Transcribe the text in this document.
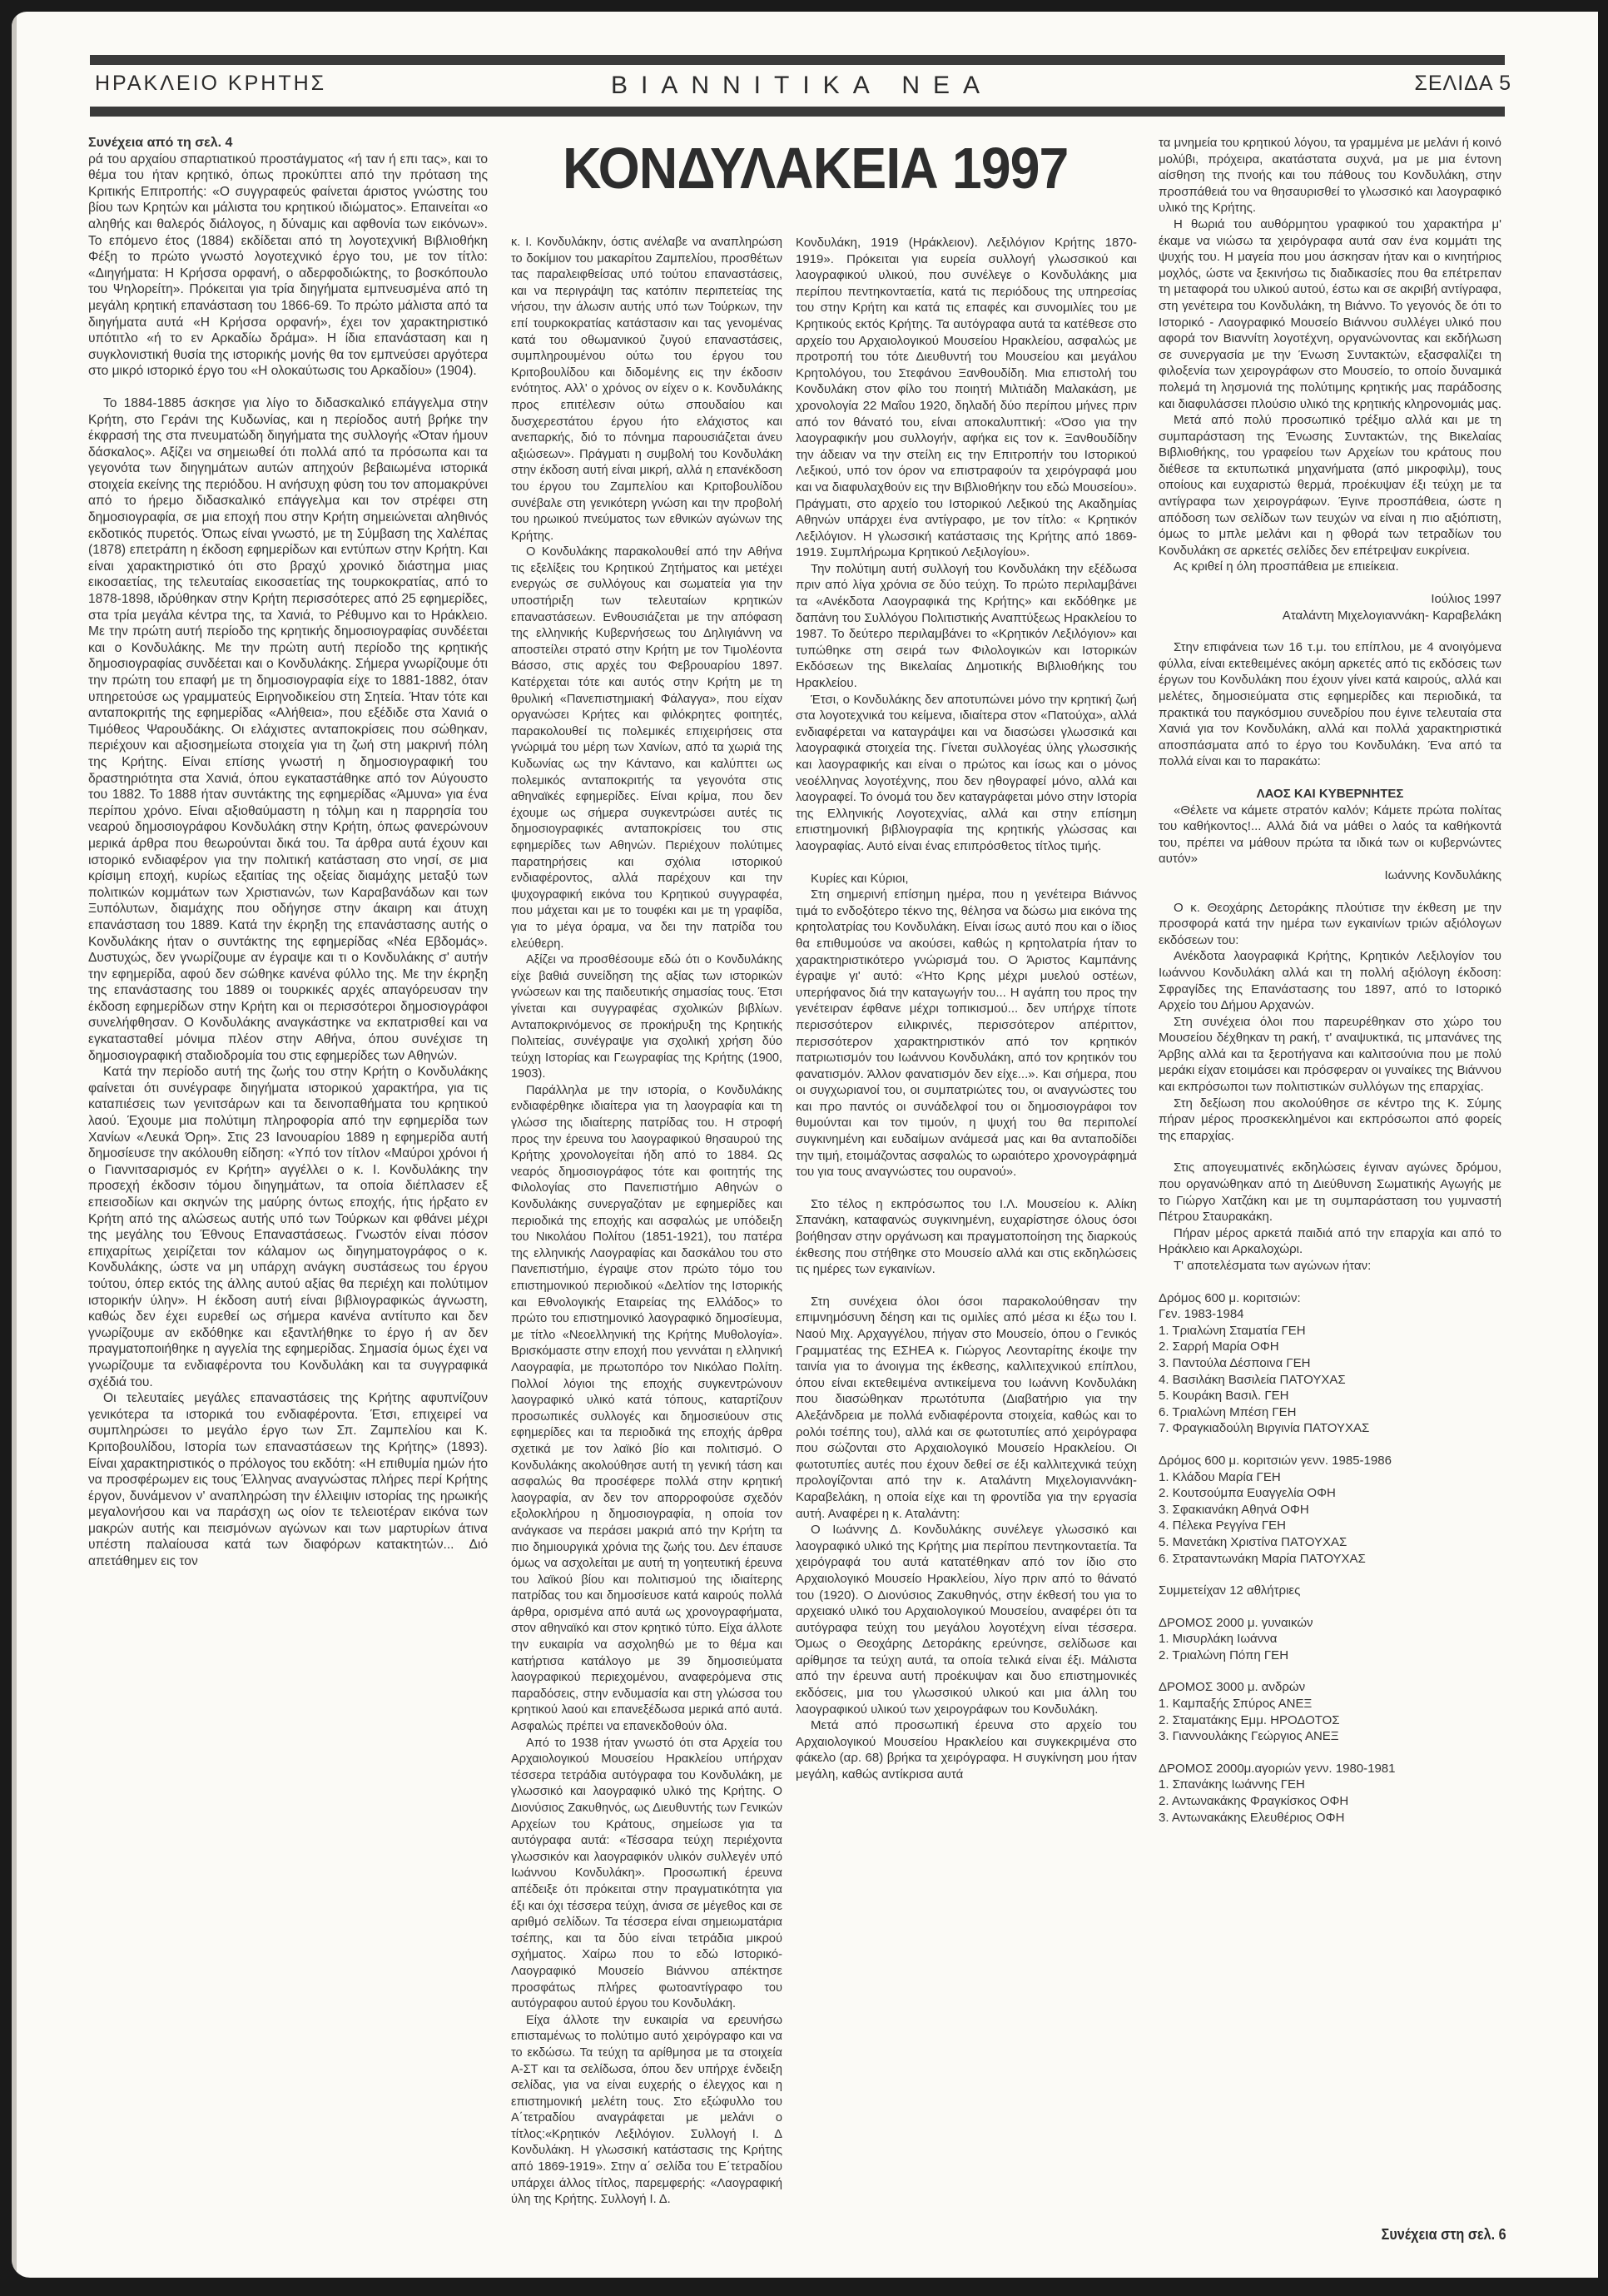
ΗΡΑΚΛΕΙΟ ΚΡΗΤΗΣ	ΒΙΑΝΝΙΤΙΚΑ ΝΕΑ	ΣΕΛΙΔΑ 5
ΚΟΝΔΥΛΑΚΕΙΑ 1997

Συνέχεια από τη σελ. 4

ρά του αρχαίου σπαρτιατικού προστάγματος «ή ταν ή επι τας», και το θέμα του ήταν κρητικό, όπως προκύπτει από την πρόταση της Κριτικής Επιτροπής: «Ο συγγραφεύς φαίνεται άριστος γνώστης του βίου των Κρητών και μάλιστα του κρητικού ιδιώματος». Επαινείται «ο αληθής και θαλερός διάλογος, η δύναμις και αφθονία των εικόνων». Το επόμενο έτος (1884) εκδίδεται από τη λογοτεχνική Βιβλιοθήκη Φέξη το πρώτο γνωστό λογοτεχνικό έργο του, με τον τίτλο: «Διηγήματα: Η Κρήσσα ορφανή, ο αδερφοδιώκτης, το βοσκόπουλο του Ψηλορείτη». Πρόκειται για τρία διηγήματα εμπνευσμένα από τη μεγάλη κρητική επανάσταση του 1866-69. Το πρώτο μάλιστα από τα διηγήματα αυτά «Η Κρήσσα ορφανή», έχει τον χαρακτηριστικό υπότιτλο «ή το εν Αρκαδίω δράμα». Η ίδια επανάσταση και η συγκλονιστική θυσία της ιστορικής μονής θα τον εμπνεύσει αργότερα στο μικρό ιστορικό έργο του «Η ολοκαύτωσις του Αρκαδίου» (1904).

Το 1884-1885 άσκησε για λίγο το διδασκαλικό επάγγελμα στην Κρήτη, στο Γεράνι της Κυδωνίας, και η περίοδος αυτή βρήκε την έκφρασή της στα πνευματώδη διηγήματα της συλλογής «Όταν ήμουν δάσκαλος». Αξίζει να σημειωθεί ότι πολλά από τα πρόσωπα και τα γεγονότα των διηγημάτων αυτών απηχούν βεβαιωμένα ιστορικά στοιχεία εκείνης της περιόδου. Η ανήσυχη φύση του τον απομακρύνει από το ήρεμο διδασκαλικό επάγγελμα και τον στρέφει στη δημοσιογραφία, σε μια εποχή που στην Κρήτη σημειώνεται αληθινός εκδοτικός πυρετός. Όπως είναι γνωστό, με τη Σύμβαση της Χαλέπας (1878) επετράπη η έκδοση εφημερίδων και εντύπων στην Κρήτη. Και είναι χαρακτηριστικό ότι στο βραχύ χρονικό διάστημα μιας εικοσαετίας, της τελευταίας εικοσαετίας της τουρκοκρατίας, από το 1878-1898, ιδρύθηκαν στην Κρήτη περισσότερες από 25 εφημερίδες, στα τρία μεγάλα κέντρα της, τα Χανιά, το Ρέθυμνο και το Ηράκλειο. Με την πρώτη αυτή περίοδο της κρητικής δημοσιογραφίας συνδέεται και ο Κονδυλάκης. Με την πρώτη αυτή περίοδο της κρητικής δημοσιογραφίας συνδέεται και ο Κονδυλάκης. Σήμερα γνωρίζουμε ότι την πρώτη του επαφή με τη δημοσιογραφία είχε το 1881-1882, όταν υπηρετούσε ως γραμματεύς Ειρηνοδικείου στη Σητεία. Ήταν τότε και ανταποκριτής της εφημερίδας «Αλήθεια», που εξέδιδε στα Χανιά ο Τιμόθεος Ψαρουδάκης. Οι ελάχιστες ανταποκρίσεις που σώθηκαν, περιέχουν και αξιοσημείωτα στοιχεία για τη ζωή στη μακρινή πόλη της Κρήτης. Είναι επίσης γνωστή η δημοσιογραφική του δραστηριότητα στα Χανιά, όπου εγκαταστάθηκε από τον Αύγουστο του 1882. Το 1888 ήταν συντάκτης της εφημερίδας «Άμυνα» για ένα περίπου χρόνο. Είναι αξιοθαύμαστη η τόλμη και η παρρησία του νεαρού δημοσιογράφου Κονδυλάκη στην Κρήτη, όπως φανερώνουν μερικά άρθρα που θεωρούνται δικά του. Τα άρθρα αυτά έχουν και ιστορικό ενδιαφέρον για την πολιτική κατάσταση στο νησί, σε μια κρίσιμη εποχή, κυρίως εξαιτίας της οξείας διαμάχης μεταξύ των πολιτικών κομμάτων των Χριστιανών, των Καραβανάδων και των Ξυπόλυτων, διαμάχης που οδήγησε στην άκαιρη και άτυχη επανάσταση του 1889. Κατά την έκρηξη της επανάστασης αυτής ο Κονδυλάκης ήταν ο συντάκτης της εφημερίδας «Νέα Εβδομάς». Δυστυχώς, δεν γνωρίζουμε αν έγραψε και τι ο Κονδυλάκης σ' αυτήν την εφημερίδα, αφού δεν σώθηκε κανένα φύλλο της. Με την έκρηξη της επανάστασης του 1889 οι τουρκικές αρχές απαγόρευσαν την έκδοση εφημερίδων στην Κρήτη και οι περισσότεροι δημοσιογράφοι συνελήφθησαν. Ο Κονδυλάκης αναγκάστηκε να εκπατρισθεί και να εγκατασταθεί μόνιμα πλέον στην Αθήνα, όπου συνέχισε τη δημοσιογραφική σταδιοδρομία του στις εφημερίδες των Αθηνών.

Κατά την περίοδο αυτή της ζωής του στην Κρήτη ο Κονδυλάκης φαίνεται ότι συνέγραφε διηγήματα ιστορικού χαρακτήρα, για τις καταπιέσεις των γενιτσάρων και τα δεινοπαθήματα του κρητικού λαού. Έχουμε μια πολύτιμη πληροφορία από την εφημερίδα των Χανίων «Λευκά Όρη». Στις 23 Ιανουαρίου 1889 η εφημερίδα αυτή δημοσίευσε την ακόλουθη είδηση: «Υπό τον τίτλον «Μαύροι χρόνοι ή ο Γιαννιτσαρισμός εν Κρήτη» αγγέλλει ο κ. Ι. Κονδυλάκης την προσεχή έκδοσιν τόμου διηγημάτων, τα οποία διέπλασεν εξ επεισοδίων και σκηνών της μαύρης όντως εποχής, ήτις ήρξατο εν Κρήτη από της αλώσεως αυτής υπό των Τούρκων και φθάνει μέχρι της μεγάλης του Έθνους Επαναστάσεως. Γνωστόν είναι πόσον επιχαρίτως χειρίζεται τον κάλαμον ως διηγηματογράφος ο κ. Κονδυλάκης, ώστε να μη υπάρχη ανάγκη συστάσεως του έργου τούτου, όπερ εκτός της άλλης αυτού αξίας θα περιέχη και πολύτιμον ιστορικήν ύλην». Η έκδοση αυτή είναι βιβλιογραφικώς άγνωστη, καθώς δεν έχει ευρεθεί ως σήμερα κανένα αντίτυπο και δεν γνωρίζουμε αν εκδόθηκε και εξαντλήθηκε το έργο ή αν δεν πραγματοποιήθηκε η αγγελία της εφημερίδας. Σημασία όμως έχει να γνωρίζουμε τα ενδιαφέροντα του Κονδυλάκη και τα συγγραφικά σχέδιά του.

Οι τελευταίες μεγάλες επαναστάσεις της Κρήτης αφυπνίζουν γενικότερα τα ιστορικά του ενδιαφέροντα. Έτσι, επιχειρεί να συμπληρώσει το μεγάλο έργο των Σπ. Ζαμπελίου και Κ. Κριτοβουλίδου, Ιστορία των επαναστάσεων της Κρήτης» (1893). Είναι χαρακτηριστικός ο πρόλογος του εκδότη: «Η επιθυμία ημών ήτο να προσφέρωμεν εις τους Έλληνας αναγνώστας πλήρες περί Κρήτης έργον, δυνάμενον ν' αναπληρώση την έλλειψιν ιστορίας της ηρωικής μεγαλονήσου και να παράσχη ως οίον τε τελειοτέραν εικόνα των μακρών αυτής και πεισμόνων αγώνων και των μαρτυρίων άτινα υπέστη παλαίουσα κατά των διαφόρων κατακτητών... Διό απετάθημεν εις τον

κ. Ι. Κονδυλάκην, όστις ανέλαβε να αναπληρώση το δοκίμιον του μακαρίτου Ζαμπελίου, προσθέτων τας παραλειφθείσας υπό τούτου επαναστάσεις, και να περιγράψη τας κατόπιν περιπετείας της νήσου, την άλωσιν αυτής υπό των Τούρκων, την επί τουρκοκρατίας κατάστασιν και τας γενομένας κατά του οθωμανικού ζυγού επαναστάσεις, συμπληρουμένου ούτω του έργου του Κριτοβουλίδου και διδομένης εις την έκδοσιν ενότητος. Αλλ' ο χρόνος ον είχεν ο κ. Κονδυλάκης προς επιτέλεσιν ούτω σπουδαίου και δυσχερεστάτου έργου ήτο ελάχιστος και ανεπαρκής, διό το πόνημα παρουσιάζεται άνευ αξιώσεων». Πράγματι η συμβολή του Κονδυλάκη στην έκδοση αυτή είναι μικρή, αλλά η επανέκδοση του έργου του Ζαμπελίου και Κριτοβουλίδου συνέβαλε στη γενικότερη γνώση και την προβολή του ηρωικού πνεύματος των εθνικών αγώνων της Κρήτης.

Ο Κονδυλάκης παρακολουθεί από την Αθήνα τις εξελίξεις του Κρητικού Ζητήματος και μετέχει ενεργώς σε συλλόγους και σωματεία για την υποστήριξη των τελευταίων κρητικών επαναστάσεων. Ενθουσιάζεται με την απόφαση της ελληνικής Κυβερνήσεως του Δηλιγιάννη να αποστείλει στρατό στην Κρήτη με τον Τιμολέοντα Βάσσο, στις αρχές του Φεβρουαρίου 1897. Κατέρχεται τότε και αυτός στην Κρήτη με τη θρυλική «Πανεπιστημιακή Φάλαγγα», που είχαν οργανώσει Κρήτες και φιλόκρητες φοιτητές, παρακολουθεί τις πολεμικές επιχειρήσεις στα γνώριμά του μέρη των Χανίων, από τα χωριά της Κυδωνίας ως την Κάντανο, και καλύπτει ως πολεμικός ανταποκριτής τα γεγονότα στις αθηναϊκές εφημερίδες. Είναι κρίμα, που δεν έχουμε ως σήμερα συγκεντρώσει αυτές τις δημοσιογραφικές ανταποκρίσεις του στις εφημερίδες των Αθηνών. Περιέχουν πολύτιμες παρατηρήσεις και σχόλια ιστορικού ενδιαφέροντος, αλλά παρέχουν και την ψυχογραφική εικόνα του Κρητικού συγγραφέα, που μάχεται και με το τουφέκι και με τη γραφίδα, για το μέγα όραμα, να δει την πατρίδα του ελεύθερη.

Αξίζει να προσθέσουμε εδώ ότι ο Κονδυλάκης είχε βαθιά συνείδηση της αξίας των ιστορικών γνώσεων και της παιδευτικής σημασίας τους. Έτσι γίνεται και συγγραφέας σχολικών βιβλίων. Ανταποκρινόμενος σε προκήρυξη της Κρητικής Πολιτείας, συνέγραψε για σχολική χρήση δύο τεύχη Ιστορίας και Γεωγραφίας της Κρήτης (1900, 1903).

Παράλληλα με την ιστορία, ο Κονδυλάκης ενδιαφέρθηκε ιδιαίτερα για τη λαογραφία και τη γλώσσ της ιδιαίτερης πατρίδας του. Η στροφή προς την έρευνα του λαογραφικού θησαυρού της Κρήτης χρονολογείται ήδη από το 1884. Ως νεαρός δημοσιογράφος τότε και φοιτητής της Φιλολογίας στο Πανεπιστήμιο Αθηνών ο Κονδυλάκης συνεργαζόταν με εφημερίδες και περιοδικά της εποχής και ασφαλώς με υπόδειξη του Νικολάου Πολίτου (1851-1921), του πατέρα της ελληνικής Λαογραφίας και δασκάλου του στο Πανεπιστήμιο, έγραψε στον πρώτο τόμο του επιστημονικού περιοδικού «Δελτίον της Ιστορικής και Εθνολογικής Εταιρείας της Ελλάδος» το πρώτο του επιστημονικό λαογραφικό δημοσίευμα, με τίτλο «Νεοελληνική της Κρήτης Μυθολογία». Βρισκόμαστε στην εποχή που γεννάται η ελληνική Λαογραφία, με πρωτοπόρο τον Νικόλαο Πολίτη. Πολλοί λόγιοι της εποχής συγκεντρώνουν λαογραφικό υλικό κατά τόπους, καταρτίζουν προσωπικές συλλογές και δημοσιεύουν στις εφημερίδες και τα περιοδικά της εποχής άρθρα σχετικά με τον λαϊκό βίο και πολιτισμό. Ο Κονδυλάκης ακολούθησε αυτή τη γενική τάση και ασφαλώς θα προσέφερε πολλά στην κρητική λαογραφία, αν δεν τον απορροφούσε σχεδόν εξολοκλήρου η δημοσιογραφία, η οποία τον ανάγκασε να περάσει μακριά από την Κρήτη τα πιο δημιουργικά χρόνια της ζωής του. Δεν έπαυσε όμως να ασχολείται με αυτή τη γοητευτική έρευνα του λαϊκού βίου και πολιτισμού της ιδιαίτερης πατρίδας του και δημοσίευσε κατά καιρούς πολλά άρθρα, ορισμένα από αυτά ως χρονογραφήματα, στον αθηναϊκό και στον κρητικό τύπο. Είχα άλλοτε την ευκαιρία να ασχοληθώ με το θέμα και κατήρτισα κατάλογο με 39 δημοσιεύματα λαογραφικού περιεχομένου, αναφερόμενα στις παραδόσεις, στην ενδυμασία και στη γλώσσα του κρητικού λαού και επανεξέδωσα μερικά από αυτά. Ασφαλώς πρέπει να επανεκδοθούν όλα.

Από το 1938 ήταν γνωστό ότι στα Αρχεία του Αρχαιολογικού Μουσείου Ηρακλείου υπήρχαν τέσσερα τετράδια αυτόγραφα του Κονδυλάκη, με γλωσσικό και λαογραφικό υλικό της Κρήτης. Ο Διονύσιος Ζακυθηνός, ως Διευθυντής των Γενικών Αρχείων του Κράτους, σημείωσε για τα αυτόγραφα αυτά: «Τέσσαρα τεύχη περιέχοντα γλωσσικόν και λαογραφικόν υλικόν συλλεγέν υπό Ιωάννου Κονδυλάκη». Προσωπική έρευνα απέδειξε ότι πρόκειται στην πραγματικότητα για έξι και όχι τέσσερα τεύχη, άνισα σε μέγεθος και σε αριθμό σελίδων. Τα τέσσερα είναι σημειωματάρια τσέπης, και τα δύο είναι τετράδια μικρού σχήματος. Χαίρω που το εδώ Ιστορικό- Λαογραφικό Μουσείο Βιάννου απέκτησε προσφάτως πλήρες φωτοαντίγραφο του αυτόγραφου αυτού έργου του Κονδυλάκη.

Είχα άλλοτε την ευκαιρία να ερευνήσω επισταμένως το πολύτιμο αυτό χειρόγραφο και να το εκδώσω. Τα τεύχη τα αρίθμησα με τα στοιχεία Α-ΣΤ και τα σελίδωσα, όπου δεν υπήρχε ένδειξη σελίδας, για να είναι ευχερής ο έλεγχος και η επιστημονική μελέτη τους. Στο εξώφυλλο του Α΄τετραδίου αναγράφεται με μελάνι ο τίτλος:«Κρητικόν Λεξιλόγιον. Συλλογή Ι. Δ Κονδυλάκη. Η γλωσσική κατάστασις της Κρήτης από 1869-1919». Στην α΄ σελίδα του Ε΄τετραδίου υπάρχει άλλος τίτλος, παρεμφερής: «Λαογραφική ύλη της Κρήτης. Συλλογή Ι. Δ.

Κονδυλάκη, 1919 (Ηράκλειον). Λεξιλόγιον Κρήτης 1870-1919». Πρόκειται για ευρεία συλλογή γλωσσικού και λαογραφικού υλικού, που συνέλεγε ο Κονδυλάκης μια περίπου πεντηκονταετία, κατά τις περιόδους της υπηρεσίας του στην Κρήτη και κατά τις επαφές και συνομιλίες του με Κρητικούς εκτός Κρήτης. Τα αυτόγραφα αυτά τα κατέθεσε στο αρχείο του Αρχαιολογικού Μουσείου Ηρακλείου, ασφαλώς με προτροπή του τότε Διευθυντή του Μουσείου και μεγάλου Κρητολόγου, του Στεφάνου Ξανθουδίδη. Μια επιστολή του Κονδυλάκη στον φίλο του ποιητή Μιλτιάδη Μαλακάση, με χρονολογία 22 Μαΐου 1920, δηλαδή δύο περίπου μήνες πριν από τον θάνατό του, είναι αποκαλυπτική: «Όσο για την λαογραφικήν μου συλλογήν, αφήκα εις τον κ. Ξανθουδίδην την άδειαν να την στείλη εις την Επιτροπήν του Ιστορικού Λεξικού, υπό τον όρον να επιστραφούν τα χειρόγραφά μου και να διαφυλαχθούν εις την Βιβλιοθήκην του εδώ Μουσείου». Πράγματι, στο αρχείο του Ιστορικού Λεξικού της Ακαδημίας Αθηνών υπάρχει ένα αντίγραφο, με τον τίτλο: « Κρητικόν Λεξιλόγιον. Η γλωσσική κατάστασις της Κρήτης από 1869-1919. Συμπλήρωμα Κρητικού Λεξιλογίου».

Την πολύτιμη αυτή συλλογή του Κονδυλάκη την εξέδωσα πριν από λίγα χρόνια σε δύο τεύχη. Το πρώτο περιλαμβάνει τα «Ανέκδοτα Λαογραφικά της Κρήτης» και εκδόθηκε με δαπάνη του Συλλόγου Πολιτιστικής Αναπτύξεως Ηρακλείου το 1987. Το δεύτερο περιλαμβάνει το «Κρητικόν Λεξιλόγιον» και τυπώθηκε στη σειρά των Φιλολογικών και Ιστορικών Εκδόσεων της Βικελαίας Δημοτικής Βιβλιοθήκης του Ηρακλείου.

Έτσι, ο Κονδυλάκης δεν αποτυπώνει μόνο την κρητική ζωή στα λογοτεχνικά του κείμενα, ιδιαίτερα στον «Πατούχα», αλλά ενδιαφέρεται να καταγράψει και να διασώσει γλωσσικά και λαογραφικά στοιχεία της. Γίνεται συλλογέας ύλης γλωσσικής και λαογραφικής και είναι ο πρώτος και ίσως και ο μόνος νεοέλληνας λογοτέχνης, που δεν ηθογραφεί μόνο, αλλά και λαογραφεί. Το όνομά του δεν καταγράφεται μόνο στην Ιστορία της Ελληνικής Λογοτεχνίας, αλλά και στην επίσημη επιστημονική βιβλιογραφία της κρητικής γλώσσας και λαογραφίας. Αυτό είναι ένας επιπρόσθετος τίτλος τιμής.

Κυρίες και Κύριοι,

Στη σημερινή επίσημη ημέρα, που η γενέτειρα Βιάννος τιμά το ενδοξότερο τέκνο της, θέλησα να δώσω μια εικόνα της κρητολατρίας του Κονδυλάκη. Είναι ίσως αυτό που και ο ίδιος θα επιθυμούσε να ακούσει, καθώς η κρητολατρία ήταν το χαρακτηριστικότερο γνώρισμά του. Ο Άριστος Καμπάνης έγραψε γι' αυτό: «Ήτο Κρης μέχρι μυελού οστέων, υπερήφανος διά την καταγωγήν του... Η αγάπη του προς την γενέτειραν έφθανε μέχρι τοπικισμού... δεν υπήρχε τίποτε περισσότερον ειλικρινές, περισσότερον απέριττον, περισσότερον χαρακτηριστικόν από τον κρητικόν πατριωτισμόν του Ιωάννου Κονδυλάκη, από τον κρητικόν του φανατισμόν. Άλλον φανατισμόν δεν είχε...». Και σήμερα, που οι συγχωριανοί του, οι συμπατριώτες του, οι αναγνώστες του και προ παντός οι συνάδελφοί του οι δημοσιογράφοι τον θυμούνται και τον τιμούν, η ψυχή του θα περιπολεί συγκινημένη και ευδαίμων ανάμεσά μας και θα ανταποδίδει την τιμή, ετοιμάζοντας ασφαλώς το ωραιότερο χρονογράφημά του για τους αναγνώστες του ουρανού».

Στο τέλος η εκπρόσωπος του Ι.Λ. Μουσείου κ. Αλίκη Σπανάκη, καταφανώς συγκινημένη, ευχαρίστησε όλους όσοι βοήθησαν στην οργάνωση και πραγματοποίηση της διαρκούς έκθεσης που στήθηκε στο Μουσείο αλλά και στις εκδηλώσεις τις ημέρες των εγκαινίων.

Στη συνέχεια όλοι όσοι παρακολούθησαν την επιμνημόσυνη δέηση και τις ομιλίες από μέσα κι έξω του Ι. Ναού Μιχ. Αρχαγγέλου, πήγαν στο Μουσείο, όπου ο Γενικός Γραμματέας της ΕΣΗΕΑ κ. Γιώργος Λεονταρίτης έκοψε την ταινία για το άνοιγμα της έκθεσης, καλλιτεχνικού επίπλου, όπου είναι εκτεθειμένα αντικείμενα του Ιωάννη Κονδυλάκη που διασώθηκαν πρωτότυπα (Διαβατήριο για την Αλεξάνδρεια με πολλά ενδιαφέροντα στοιχεία, καθώς και το ρολόι τσέπης του), αλλά και σε φωτοτυπίες από χειρόγραφα που σώζονται στο Αρχαιολογικό Μουσείο Ηρακλείου. Οι φωτοτυπίες αυτές που έχουν δεθεί σε έξι καλλιτεχνικά τεύχη προλογίζονται από την κ. Αταλάντη Μιχελογιαννάκη- Καραβελάκη, η οποία είχε και τη φροντίδα για την εργασία αυτή. Αναφέρει η κ. Αταλάντη:

Ο Ιωάννης Δ. Κονδυλάκης συνέλεγε γλωσσικό και λαογραφικό υλικό της Κρήτης μια περίπου πεντηκονταετία. Τα χειρόγραφά του αυτά κατατέθηκαν από τον ίδιο στο Αρχαιολογικό Μουσείο Ηρακλείου, λίγο πριν από το θάνατό του (1920). Ο Διονύσιος Ζακυθηνός, στην έκθεσή του για το αρχειακό υλικό του Αρχαιολογικού Μουσείου, αναφέρει ότι τα αυτόγραφα τεύχη του μεγάλου λογοτέχνη είναι τέσσερα. Όμως ο Θεοχάρης Δετοράκης ερεύνησε, σελίδωσε και αρίθμησε τα τεύχη αυτά, τα οποία τελικά είναι έξι. Μάλιστα από την έρευνα αυτή προέκυψαν και δυο επιστημονικές εκδόσεις, μια του γλωσσικού υλικού και μια άλλη του λαογραφικού υλικού των χειρογράφων του Κονδυλάκη.

Μετά από προσωπική έρευνα στο αρχείο του Αρχαιολογικού Μουσείου Ηρακλείου και συγκεκριμένα στο φάκελο (αρ. 68) βρήκα τα χειρόγραφα. Η συγκίνηση μου ήταν μεγάλη, καθώς αντίκρισα αυτά

τα μνημεία του κρητικού λόγου, τα γραμμένα με μελάνι ή κοινό μολύβι, πρόχειρα, ακατάστατα συχνά, μα με μια έντονη αίσθηση της πνοής και του πάθους του Κονδυλάκη, στην προσπάθειά του να θησαυρισθεί το γλωσσικό και λαογραφικό υλικό της Κρήτης.

Η θωριά του αυθόρμητου γραφικού του χαρακτήρα μ' έκαμε να νιώσω τα χειρόγραφα αυτά σαν ένα κομμάτι της ψυχής του. Η μαγεία που μου άσκησαν ήταν και ο κινητήριος μοχλός, ώστε να ξεκινήσω τις διαδικασίες που θα επέτρεπαν τη μεταφορά του υλικού αυτού, έστω και σε ακριβή αντίγραφα, στη γενέτειρα του Κονδυλάκη, τη Βιάννο. Το γεγονός δε ότι το Ιστορικό - Λαογραφικό Μουσείο Βιάννου συλλέγει υλικό που αφορά τον Βιαννίτη λογοτέχνη, οργανώνοντας και εκδήλωση σε συνεργασία με την Ένωση Συντακτών, εξασφαλίζει τη φιλοξενία των χειρογράφων στο Μουσείο, το οποίο δυναμικά πολεμά τη λησμονιά της πολύτιμης κρητικής μας παράδοσης και διαφυλάσσει πλούσιο υλικό της κρητικής κληρονομιάς μας.

Μετά από πολύ προσωπικό τρέξιμο αλλά και με τη συμπαράσταση της Ένωσης Συντακτών, της Βικελαίας Βιβλιοθήκης, του γραφείου των Αρχείων του κράτους που διέθεσε τα εκτυπωτικά μηχανήματα (από μικροφιλμ), τους οποίους και ευχαριστώ θερμά, προέκυψαν έξι τεύχη με τα αντίγραφα των χειρογράφων. Έγινε προσπάθεια, ώστε η απόδοση των σελίδων των τευχών να είναι η πιο αξιόπιστη, όμως το μπλε μελάνι και η φθορά των τετραδίων του Κονδυλάκη σε αρκετές σελίδες δεν επέτρεψαν ευκρίνεια.

Ας κριθεί η όλη προσπάθεια με επιείκεια.

Ιούλιος 1997

Αταλάντη Μιχελογιαννάκη- Καραβελάκη

Στην επιφάνεια των 16 τ.μ. του επίπλου, με 4 ανοιγόμενα φύλλα, είναι εκτεθειμένες ακόμη αρκετές από τις εκδόσεις των έργων του Κονδυλάκη που έχουν γίνει κατά καιρούς, αλλά και μελέτες, δημοσιεύματα στις εφημερίδες και περιοδικά, τα πρακτικά του παγκόσμιου συνεδρίου που έγινε τελευταία στα Χανιά για τον Κονδυλάκη, αλλά και πολλά χαρακτηριστικά αποσπάσματα από το έργο του Κονδυλάκη. Ένα από τα πολλά είναι και το παρακάτω:

ΛΑΟΣ ΚΑΙ ΚΥΒΕΡΝΗΤΕΣ

«Θέλετε να κάμετε στρατόν καλόν; Κάμετε πρώτα πολίτας του καθήκοντος!... Αλλά διά να μάθει ο λαός τα καθήκοντά του, πρέπει να μάθουν πρώτα τα ιδικά των οι κυβερνώντες αυτόν»

Ιωάννης Κονδυλάκης

Ο κ. Θεοχάρης Δετοράκης πλούτισε την έκθεση με την προσφορά κατά την ημέρα των εγκαινίων τριών αξιόλογων εκδόσεων του:

Ανέκδοτα λαογραφικά Κρήτης, Κρητικόν Λεξιλογίον του Ιωάννου Κονδυλάκη αλλά και τη πολλή αξιόλογη έκδοση: Σφραγίδες της Επανάστασης του 1897, από το Ιστορικό Αρχείο του Δήμου Αρχανών.

Στη συνέχεια όλοι που παρευρέθηκαν στο χώρο του Μουσείου δέχθηκαν τη ρακή, τ' αναψυκτικά, τις μπανάνες της Άρβης αλλά και τα ξεροτήγανα και καλιτσούνια που με πολύ μεράκι είχαν ετοιμάσει και πρόσφεραν οι γυναίκες της Βιάννου και εκπρόσωποι των πολιτιστικών συλλόγων της επαρχίας.

Στη δεξίωση που ακολούθησε σε κέντρο της Κ. Σύμης πήραν μέρος προσκεκλημένοι και εκπρόσωποι από φορείς της επαρχίας.

Στις απογευματινές εκδηλώσεις έγιναν αγώνες δρόμου, που οργανώθηκαν από τη Διεύθυνση Σωματικής Αγωγής με το Γιώργο Χατζάκη και με τη συμπαράσταση του γυμναστή Πέτρου Σταυρακάκη.

Πήραν μέρος αρκετά παιδιά από την επαρχία και από το Ηράκλειο και Αρκαλοχώρι.

Τ' αποτελέσματα των αγώνων ήταν:

Δρόμος 600 μ. κοριτσιών:
Γεν. 1983-1984
1. Τριαλώνη Σταματία ΓΕΗ
2. Σαρρή Μαρία ΟΦΗ
3. Παντούλα Δέσποινα ΓΕΗ
4. Βασιλάκη Βασιλεία ΠΑΤΟΥΧΑΣ
5. Κουράκη Βασιλ. ΓΕΗ
6. Τριαλώνη Μπέση ΓΕΗ
7. Φραγκιαδούλη Βιργινία ΠΑΤΟΥΧΑΣ
Δρόμος 600 μ. κοριτσιών γενν. 1985-1986
1. Κλάδου Μαρία ΓΕΗ
2. Κουτσούμπα Ευαγγελία ΟΦΗ
3. Σφακιανάκη Αθηνά ΟΦΗ
4. Πέλεκα Ρεγγίνα ΓΕΗ
5. Μανετάκη Χριστίνα ΠΑΤΟΥΧΑΣ
6. Στραταντωνάκη Μαρία ΠΑΤΟΥΧΑΣ
Συμμετείχαν 12 αθλήτριες
ΔΡΟΜΟΣ 2000 μ. γυναικών
1. Μισυρλάκη Ιωάννα
2. Τριαλώνη Πόπη ΓΕΗ
ΔΡΟΜΟΣ 3000 μ. ανδρών
1. Καμπαξής Σπύρος ΑΝΕΞ
2. Σταματάκης Εμμ. ΗΡΟΔΟΤΟΣ
3. Γιαννουλάκης Γεώργιος ΑΝΕΞ
ΔΡΟΜΟΣ 2000μ.αγοριών γενν. 1980-1981
1. Σπανάκης Ιωάννης ΓΕΗ
2. Αντωνακάκης Φραγκίσκος ΟΦΗ
3. Αντωνακάκης Ελευθέριος ΟΦΗ
Συνέχεια στη σελ. 6
